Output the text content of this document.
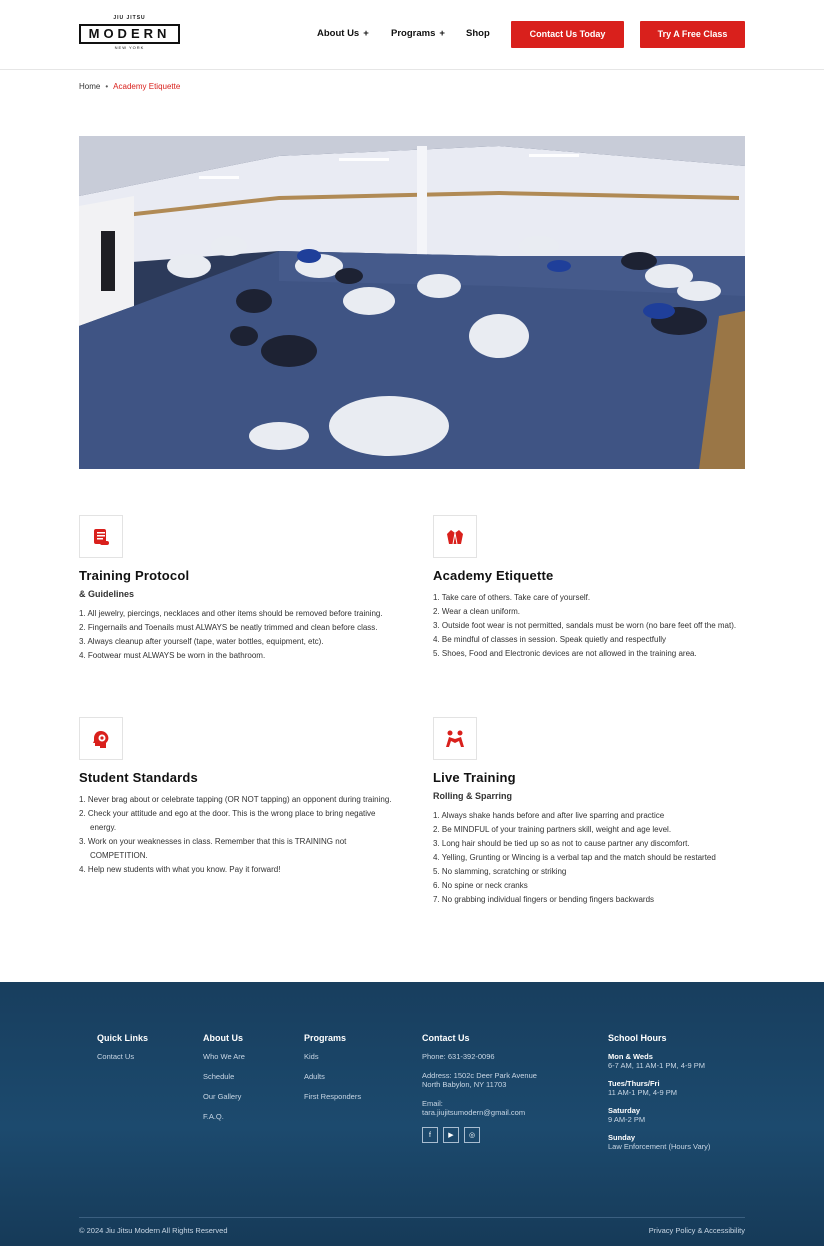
JIU JITSU
MODERN
NEW YORK
About Us + Programs + Shop	Contact Us Today	Try A Free Class
Home • Academy Etiquette
Training Protocol
& Guidelines
1. All jewelry, piercings, necklaces and other items should be removed before training.
2. Fingernails and Toenails must ALWAYS be neatly trimmed and clean before class.
3. Always cleanup after yourself (tape, water bottles, equipment, etc).
4. Footwear must ALWAYS be worn in the bathroom.
Academy Etiquette
1. Take care of others. Take care of yourself.
2. Wear a clean uniform.
3. Outside foot wear is not permitted, sandals must be worn (no bare feet off the mat).
4. Be mindful of classes in session. Speak quietly and respectfully
5. Shoes, Food and Electronic devices are not allowed in the training area.
Student Standards
1. Never brag about or celebrate tapping (OR NOT tapping) an opponent during training.
2. Check your attitude and ego at the door. This is the wrong place to bring negative energy.
3. Work on your weaknesses in class. Remember that this is TRAINING not COMPETITION.
4. Help new students with what you know. Pay it forward!
Live Training
Rolling & Sparring
1. Always shake hands before and after live sparring and practice
2. Be MINDFUL of your training partners skill, weight and age level.
3. Long hair should be tied up so as not to cause partner any discomfort.
4. Yelling, Grunting or Wincing is a verbal tap and the match should be restarted
5. No slamming, scratching or striking
6. No spine or neck cranks
7. No grabbing individual fingers or bending fingers backwards
Quick Links
Contact Us
About Us
Who We Are
Schedule
Our Gallery
F.A.Q.
Programs
Kids
Adults
First Responders
Contact Us
Phone: 631-392-0096
Address: 1502c Deer Park Avenue
North Babylon, NY 11703
Email:
tara.jiujitsumodern@gmail.com
f	▶	◎
School Hours
Mon & Weds
6-7 AM, 11 AM-1 PM, 4-9 PM
Tues/Thurs/Fri
11 AM-1 PM, 4-9 PM
Saturday
9 AM-2 PM
Sunday
Law Enforcement (Hours Vary)
© 2024 Jiu Jitsu Modern All Rights Reserved	Privacy Policy & Accessibility
